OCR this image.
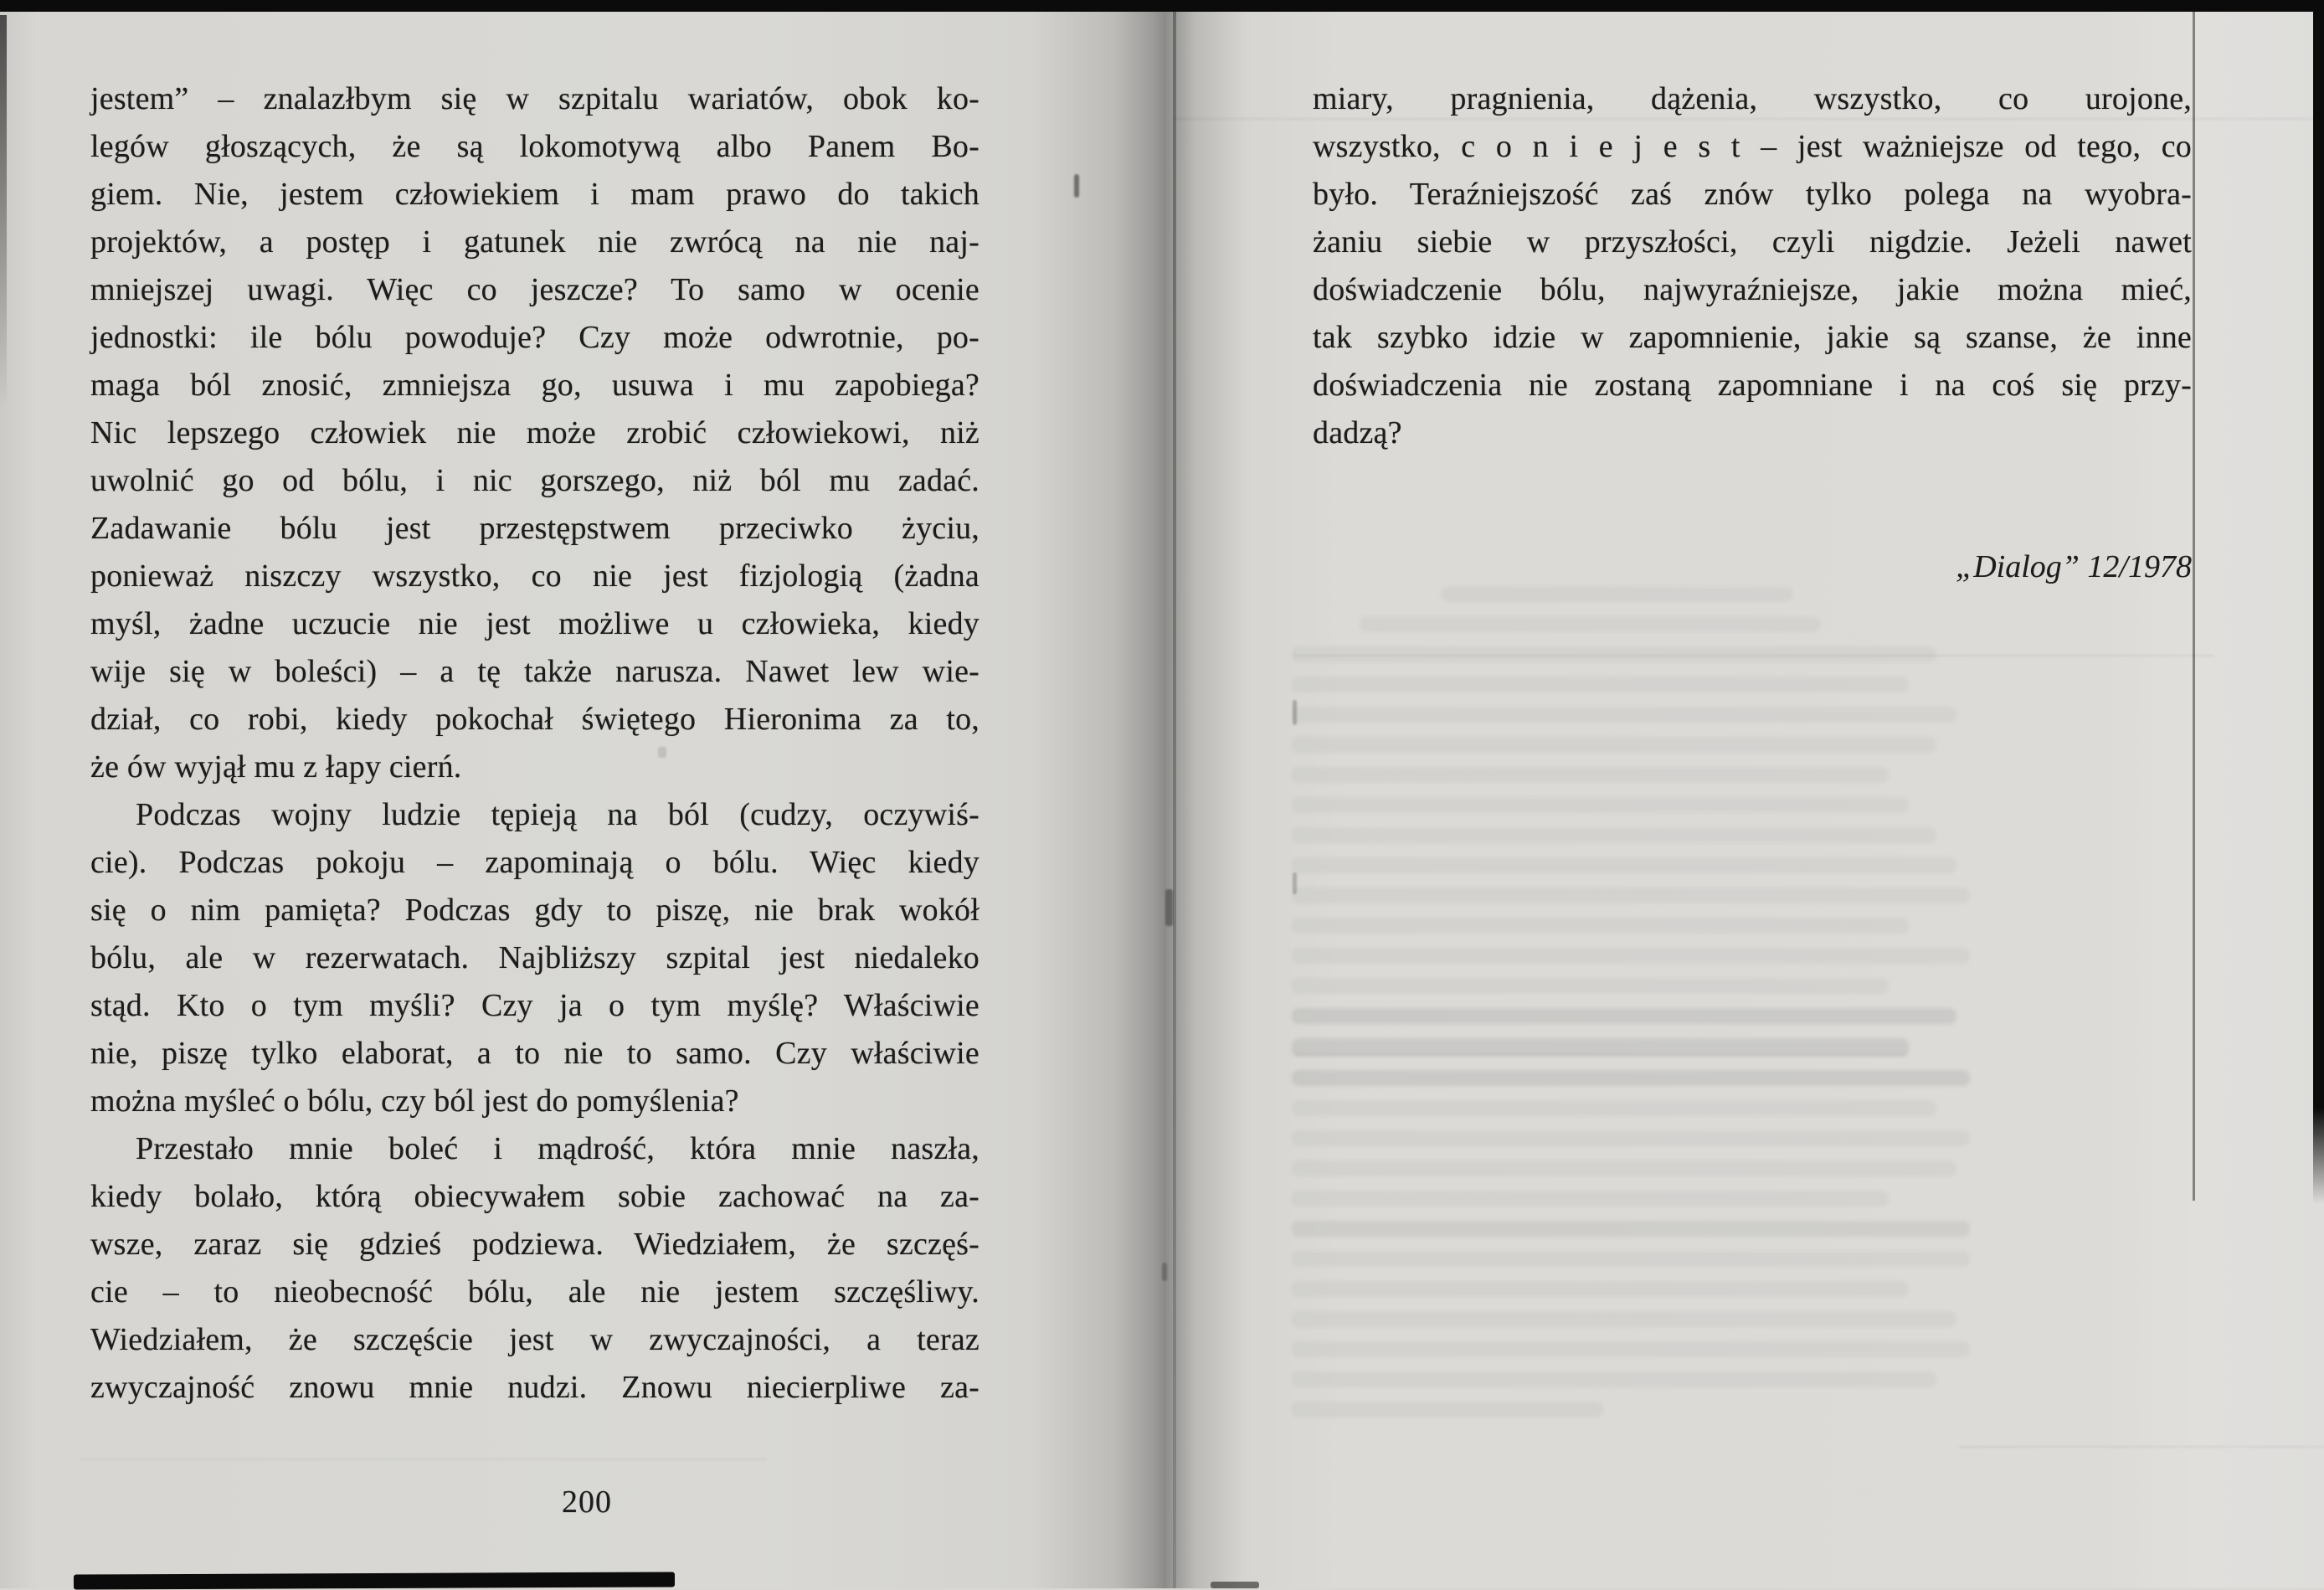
jestem” – znalazłbym się w szpitalu wariatów, obok ko-
legów głoszących, że są lokomotywą albo Panem Bo-
giem. Nie, jestem człowiekiem i mam prawo do takich
projektów, a postęp i gatunek nie zwrócą na nie naj-
mniejszej uwagi. Więc co jeszcze? To samo w ocenie
jednostki: ile bólu powoduje? Czy może odwrotnie, po-
maga ból znosić, zmniejsza go, usuwa i mu zapobiega?
Nic lepszego człowiek nie może zrobić człowiekowi, niż
uwolnić go od bólu, i nic gorszego, niż ból mu zadać.
Zadawanie bólu jest przestępstwem przeciwko życiu,
ponieważ niszczy wszystko, co nie jest fizjologią (żadna
myśl, żadne uczucie nie jest możliwe u człowieka, kiedy
wije się w boleści) – a tę także narusza. Nawet lew wie-
dział, co robi, kiedy pokochał świętego Hieronima za to,
że ów wyjął mu z łapy cierń.
Podczas wojny ludzie tępieją na ból (cudzy, oczywiś-
cie). Podczas pokoju – zapominają o bólu. Więc kiedy
się o nim pamięta? Podczas gdy to piszę, nie brak wokół
bólu, ale w rezerwatach. Najbliższy szpital jest niedaleko
stąd. Kto o tym myśli? Czy ja o tym myślę? Właściwie
nie, piszę tylko elaborat, a to nie to samo. Czy właściwie
można myśleć o bólu, czy ból jest do pomyślenia?
Przestało mnie boleć i mądrość, która mnie naszła,
kiedy bolało, którą obiecywałem sobie zachować na za-
wsze, zaraz się gdzieś podziewa. Wiedziałem, że szczęś-
cie – to nieobecność bólu, ale nie jestem szczęśliwy.
Wiedziałem, że szczęście jest w zwyczajności, a teraz
zwyczajność znowu mnie nudzi. Znowu niecierpliwe za-
200
miary, pragnienia, dążenia, wszystko, co urojone,
wszystko, c o n i e j e s t – jest ważniejsze od tego, co
było. Teraźniejszość zaś znów tylko polega na wyobra-
żaniu siebie w przyszłości, czyli nigdzie. Jeżeli nawet
doświadczenie bólu, najwyraźniejsze, jakie można mieć,
tak szybko idzie w zapomnienie, jakie są szanse, że inne
doświadczenia nie zostaną zapomniane i na coś się przy-
dadzą?
„Dialog” 12/1978
